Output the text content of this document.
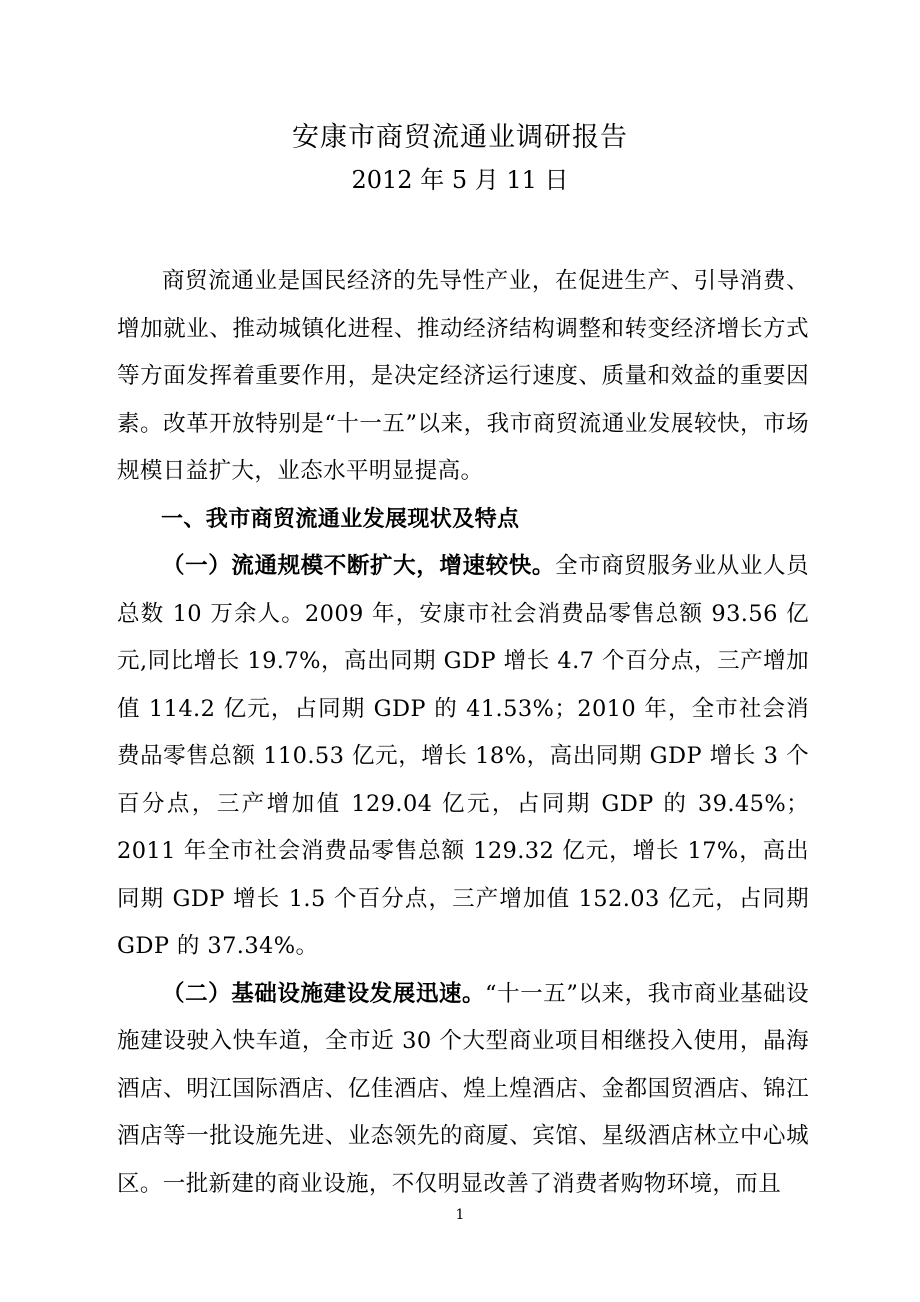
安康市商贸流通业调研报告
2012 年 5 月 11 日

商贸流通业是国民经济的先导性产业，在促进生产、引导消费、增加就业、推动城镇化进程、推动经济结构调整和转变经济增长方式等方面发挥着重要作用，是决定经济运行速度、质量和效益的重要因素。改革开放特别是“十一五”以来，我市商贸流通业发展较快，市场规模日益扩大，业态水平明显提高。

一、我市商贸流通业发展现状及特点

（一）流通规模不断扩大，增速较快。全市商贸服务业从业人员总数 10 万余人。2009 年，安康市社会消费品零售总额 93.56 亿元,同比增长 19.7%，高出同期 GDP 增长 4.7 个百分点，三产增加值 114.2 亿元，占同期 GDP 的 41.53%；2010 年，全市社会消费品零售总额 110.53 亿元，增长 18%，高出同期 GDP 增长 3 个百分点，三产增加值 129.04 亿元，占同期 GDP 的 39.45%；2011 年全市社会消费品零售总额 129.32 亿元，增长 17%，高出同期 GDP 增长 1.5 个百分点，三产增加值 152.03 亿元，占同期 GDP 的 37.34%。

（二）基础设施建设发展迅速。“十一五”以来，我市商业基础设施建设驶入快车道，全市近 30 个大型商业项目相继投入使用，晶海酒店、明江国际酒店、亿佳酒店、煌上煌酒店、金都国贸酒店、锦江酒店等一批设施先进、业态领先的商厦、宾馆、星级酒店林立中心城区。一批新建的商业设施，不仅明显改善了消费者购物环境，而且

1
